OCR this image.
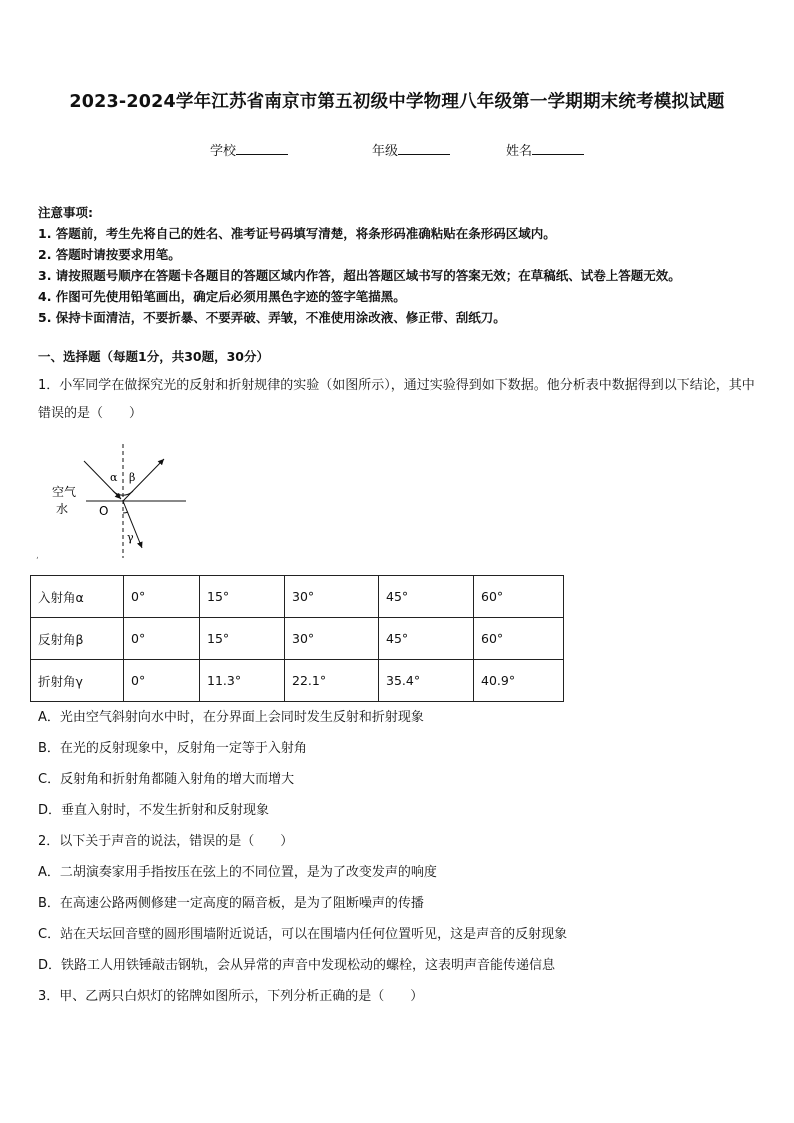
2023-2024学年江苏省南京市第五初级中学物理八年级第一学期期末统考模拟试题
学校	年级	姓名
注意事项:
1. 答题前，考生先将自己的姓名、准考证号码填写清楚，将条形码准确粘贴在条形码区域内。
2. 答题时请按要求用笔。
3. 请按照题号顺序在答题卡各题目的答题区域内作答，超出答题区域书写的答案无效；在草稿纸、试卷上答题无效。
4. 作图可先使用铅笔画出，确定后必须用黑色字迹的签字笔描黑。
5. 保持卡面清洁，不要折暴、不要弄破、弄皱，不准使用涂改液、修正带、刮纸刀。
一、选择题（每题1分，共30题，30分）
1．小军同学在做探究光的反射和折射规律的实验（如图所示），通过实验得到如下数据。他分析表中数据得到以下结论，其中错误的是（　　）
α β
γ
空气
水	O
,
入射角α	0°	15°	30°	45°	60°
反射角β	0°	15°	30°	45°	60°
折射角γ	0°	11.3°	22.1°	35.4°	40.9°
A．光由空气斜射向水中时，在分界面上会同时发生反射和折射现象
B．在光的反射现象中，反射角一定等于入射角
C．反射角和折射角都随入射角的增大而增大
D．垂直入射时，不发生折射和反射现象
2．以下关于声音的说法，错误的是（　　）
A．二胡演奏家用手指按压在弦上的不同位置，是为了改变发声的响度
B．在高速公路两侧修建一定高度的隔音板，是为了阻断噪声的传播
C．站在天坛回音壁的圆形围墙附近说话，可以在围墙内任何位置听见，这是声音的反射现象
D．铁路工人用铁锤敲击钢轨，会从异常的声音中发现松动的螺栓，这表明声音能传递信息
3．甲、乙两只白炽灯的铭牌如图所示，下列分析正确的是（　　）
